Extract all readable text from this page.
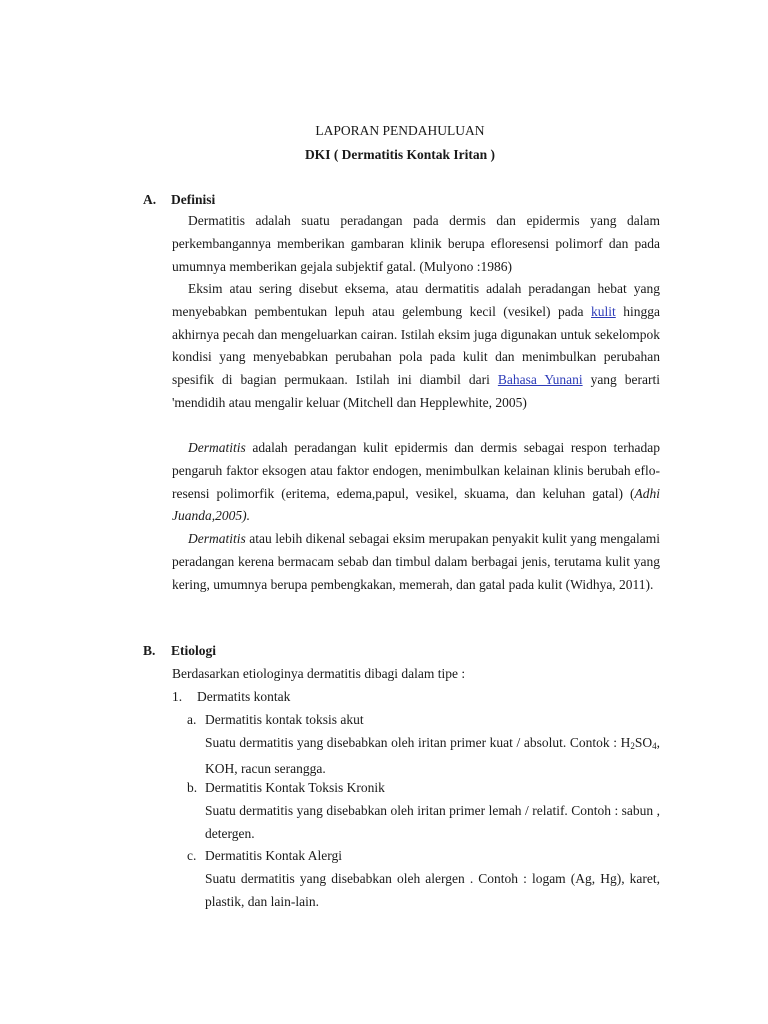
LAPORAN PENDAHULUAN
DKI ( Dermatitis Kontak Iritan )
A. Definisi

Dermatitis adalah suatu peradangan pada dermis dan epidermis yang dalam perkembangannya memberikan gambaran klinik berupa efloresensi polimorf dan pada umumnya memberikan gejala subjektif gatal. (Mulyono :1986)

Eksim atau sering disebut eksema, atau dermatitis adalah peradangan hebat yang menyebabkan pembentukan lepuh atau gelembung kecil (vesikel) pada kulit hingga akhirnya pecah dan mengeluarkan cairan. Istilah eksim juga digunakan untuk sekelompok kondisi yang menyebabkan perubahan pola pada kulit dan menimbulkan perubahan spesifik di bagian permukaan. Istilah ini diambil dari Bahasa Yunani yang berarti 'mendidih atau mengalir keluar (Mitchell dan Hepplewhite, 2005)

Dermatitis adalah peradangan kulit epidermis dan dermis sebagai respon terhadap pengaruh faktor eksogen atau faktor endogen, menimbulkan kelainan klinis berubah eflo-resensi polimorfik (eritema, edema,papul, vesikel, skuama, dan keluhan gatal) (Adhi Juanda,2005).

Dermatitis atau lebih dikenal sebagai eksim merupakan penyakit kulit yang mengalami peradangan kerena bermacam sebab dan timbul dalam berbagai jenis, terutama kulit yang kering, umumnya berupa pembengkakan, memerah, dan gatal pada kulit (Widhya, 2011).

B. Etiologi
Berdasarkan etiologinya dermatitis dibagi dalam tipe :
1. Dermatits kontak
a. Dermatitis kontak toksis akut

Suatu dermatitis yang disebabkan oleh iritan primer kuat / absolut. Contok : $H_2SO_4$, KOH, racun serangga.

b. Dermatitis Kontak Toksis Kronik

Suatu dermatitis yang disebabkan oleh iritan primer lemah / relatif. Contoh : sabun , detergen.

c. Dermatitis Kontak Alergi

Suatu dermatitis yang disebabkan oleh alergen . Contoh : logam (Ag, Hg), karet, plastik, dan lain-lain.
